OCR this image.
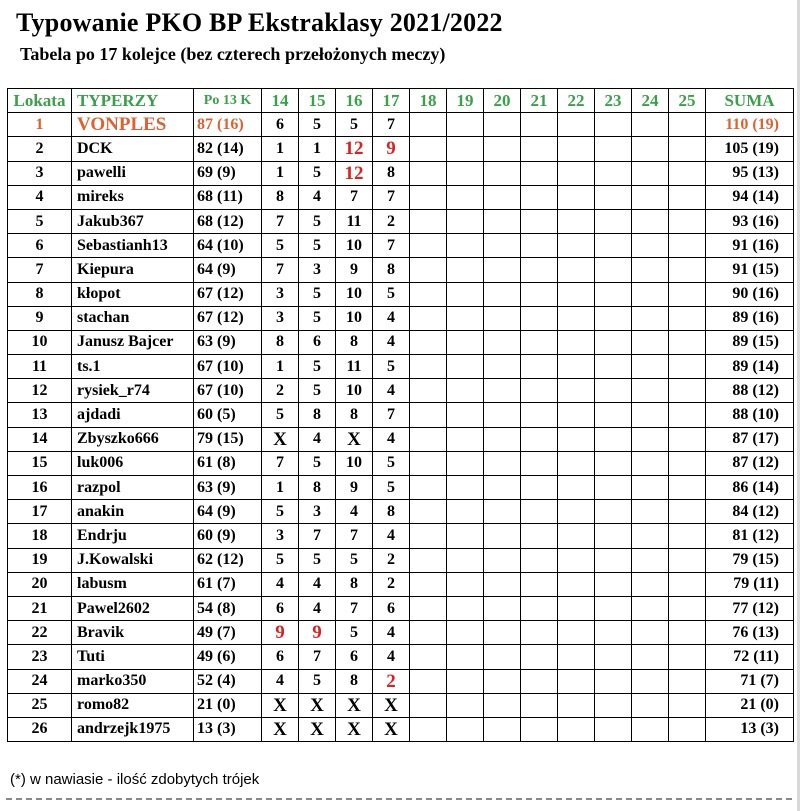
Typowanie PKO BP Ekstraklasy 2021/2022
Tabela po 17 kolejce (bez czterech przełożonych meczy)
Lokata	TYPERZY	Po 13 K	14	15	16	17	18	19	20	21	22	23	24	25	SUMA
1	VONPLES	87 (16)	6	5	5	7									110 (19)
2	DCK	82 (14)	1	1	12	9									105 (19)
3	pawelli	69 (9)	1	5	12	8									95 (13)
4	mireks	68 (11)	8	4	7	7									94 (14)
5	Jakub367	68 (12)	7	5	11	2									93 (16)
6	Sebastianh13	64 (10)	5	5	10	7									91 (16)
7	Kiepura	64 (9)	7	3	9	8									91 (15)
8	kłopot	67 (12)	3	5	10	5									90 (16)
9	stachan	67 (12)	3	5	10	4									89 (16)
10	Janusz Bajcer	63 (9)	8	6	8	4									89 (15)
11	ts.1	67 (10)	1	5	11	5									89 (14)
12	rysiek_r74	67 (10)	2	5	10	4									88 (12)
13	ajdadi	60 (5)	5	8	8	7									88 (10)
14	Zbyszko666	79 (15)	X	4	X	4									87 (17)
15	luk006	61 (8)	7	5	10	5									87 (12)
16	razpol	63 (9)	1	8	9	5									86 (14)
17	anakin	64 (9)	5	3	4	8									84 (12)
18	Endrju	60 (9)	3	7	7	4									81 (12)
19	J.Kowalski	62 (12)	5	5	5	2									79 (15)
20	labusm	61 (7)	4	4	8	2									79 (11)
21	Pawel2602	54 (8)	6	4	7	6									77 (12)
22	Bravik	49 (7)	9	9	5	4									76 (13)
23	Tuti	49 (6)	6	7	6	4									72 (11)
24	marko350	52 (4)	4	5	8	2									71 (7)
25	romo82	21 (0)	X	X	X	X									21 (0)
26	andrzejk1975	13 (3)	X	X	X	X									13 (3)
(*) w nawiasie - ilość zdobytych trójek
